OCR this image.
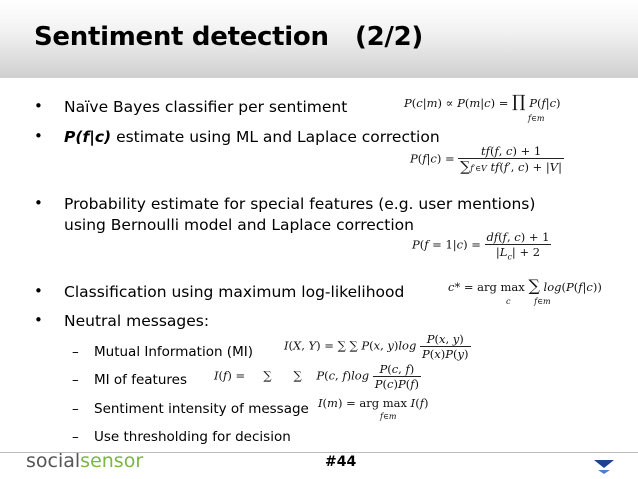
Sentiment detection (2/2)
• Naïve Bayes classifier per sentiment	P(c|m) ∝ P(m|c) = ∏ P(f|c)
f∈m
• P(f|c) estimate using ML and Laplace correction
$P(f|c) = \frac{tf(f, c) + 1}{\text{∑f′∈V tf(f′, c) + |V|}}$
• Probability estimate for special features (e.g. user mentions)
using Bernoulli model and Laplace correction
$P(f = 1|c) = \frac{df(f, c) + 1}{|L_c| + 2}$
• Classification using maximum log-likelihood	c* = arg max ∑ log(P(f|c))
c	f∈m
• Neutral messages:
– Mutual Information (MI)	I(X, Y) = ∑ ∑ P(x, $y)\log \frac{P(x, y)}{P(x)P(y)}$
– MI of features I(f) =     ∑      ∑    P(c, $f)\log \frac{P(c, f)}{P(c)P(f)}$
– Sentiment intensity of message I(m) = arg max I(f)
f∈m
– Use thresholding for decision
socialsensor	#44
